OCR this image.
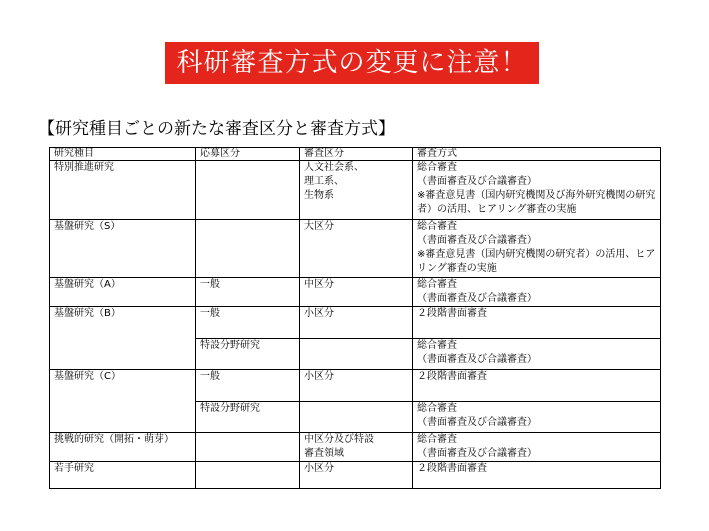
科研審査方式の変更に注意！
【研究種目ごとの新たな審査区分と審査方式】
研究種目	応募区分	審査区分	審査方式
特別推進研究		人文社会系、
理工系、
生物系	総合審査
（書面審査及び合議審査）
※審査意見書（国内研究機関及び海外研究機関の研究者）の活用、ヒアリング審査の実施
基盤研究（S）		大区分	総合審査
（書面審査及び合議審査）
※審査意見書（国内研究機関の研究者）の活用、ヒアリング審査の実施
基盤研究（A）	一般	中区分	総合審査
（書面審査及び合議審査）
基盤研究（B）	一般	小区分	２段階書面審査
	特設分野研究		総合審査
（書面審査及び合議審査）
基盤研究（C）	一般	小区分	２段階書面審査
	特設分野研究		総合審査
（書面審査及び合議審査）
挑戦的研究（開拓・萌芽）		中区分及び特設
審査領域	総合審査
（書面審査及び合議審査）
若手研究		小区分	２段階書面審査
